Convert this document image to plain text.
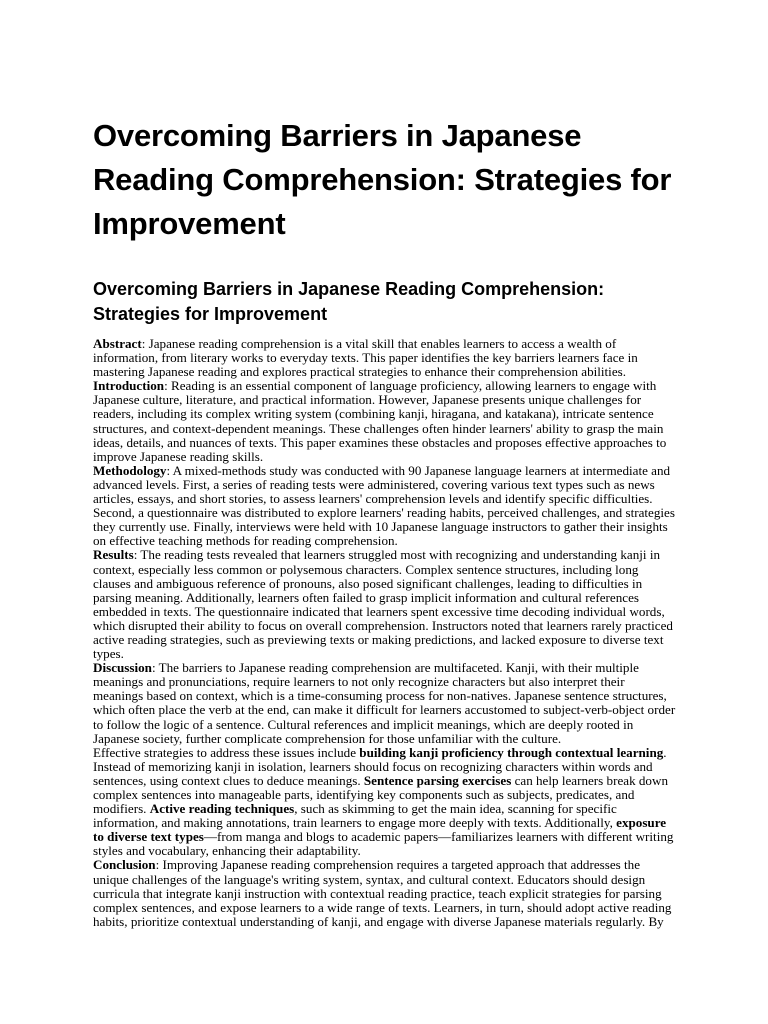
Overcoming Barriers in Japanese Reading Comprehension: Strategies for Improvement
Overcoming Barriers in Japanese Reading Comprehension: Strategies for Improvement

Abstract: Japanese reading comprehension is a vital skill that enables learners to access a wealth of information, from literary works to everyday texts. This paper identifies the key barriers learners face in mastering Japanese reading and explores practical strategies to enhance their comprehension abilities.

Introduction: Reading is an essential component of language proficiency, allowing learners to engage with Japanese culture, literature, and practical information. However, Japanese presents unique challenges for readers, including its complex writing system (combining kanji, hiragana, and katakana), intricate sentence structures, and context-dependent meanings. These challenges often hinder learners' ability to grasp the main ideas, details, and nuances of texts. This paper examines these obstacles and proposes effective approaches to improve Japanese reading skills.

Methodology: A mixed-methods study was conducted with 90 Japanese language learners at intermediate and advanced levels. First, a series of reading tests were administered, covering various text types such as news articles, essays, and short stories, to assess learners' comprehension levels and identify specific difficulties. Second, a questionnaire was distributed to explore learners' reading habits, perceived challenges, and strategies they currently use. Finally, interviews were held with 10 Japanese language instructors to gather their insights on effective teaching methods for reading comprehension.

Results: The reading tests revealed that learners struggled most with recognizing and understanding kanji in context, especially less common or polysemous characters. Complex sentence structures, including long clauses and ambiguous reference of pronouns, also posed significant challenges, leading to difficulties in parsing meaning. Additionally, learners often failed to grasp implicit information and cultural references embedded in texts. The questionnaire indicated that learners spent excessive time decoding individual words, which disrupted their ability to focus on overall comprehension. Instructors noted that learners rarely practiced active reading strategies, such as previewing texts or making predictions, and lacked exposure to diverse text types.

Discussion: The barriers to Japanese reading comprehension are multifaceted. Kanji, with their multiple meanings and pronunciations, require learners to not only recognize characters but also interpret their meanings based on context, which is a time-consuming process for non-natives. Japanese sentence structures, which often place the verb at the end, can make it difficult for learners accustomed to subject-verb-object order to follow the logic of a sentence. Cultural references and implicit meanings, which are deeply rooted in Japanese society, further complicate comprehension for those unfamiliar with the culture.

Effective strategies to address these issues include building kanji proficiency through contextual learning. Instead of memorizing kanji in isolation, learners should focus on recognizing characters within words and sentences, using context clues to deduce meanings. Sentence parsing exercises can help learners break down complex sentences into manageable parts, identifying key components such as subjects, predicates, and modifiers. Active reading techniques, such as skimming to get the main idea, scanning for specific information, and making annotations, train learners to engage more deeply with texts. Additionally, exposure to diverse text types—from manga and blogs to academic papers—familiarizes learners with different writing styles and vocabulary, enhancing their adaptability.

Conclusion: Improving Japanese reading comprehension requires a targeted approach that addresses the unique challenges of the language's writing system, syntax, and cultural context. Educators should design curricula that integrate kanji instruction with contextual reading practice, teach explicit strategies for parsing complex sentences, and expose learners to a wide range of texts. Learners, in turn, should adopt active reading habits, prioritize contextual understanding of kanji, and engage with diverse Japanese materials regularly. By
